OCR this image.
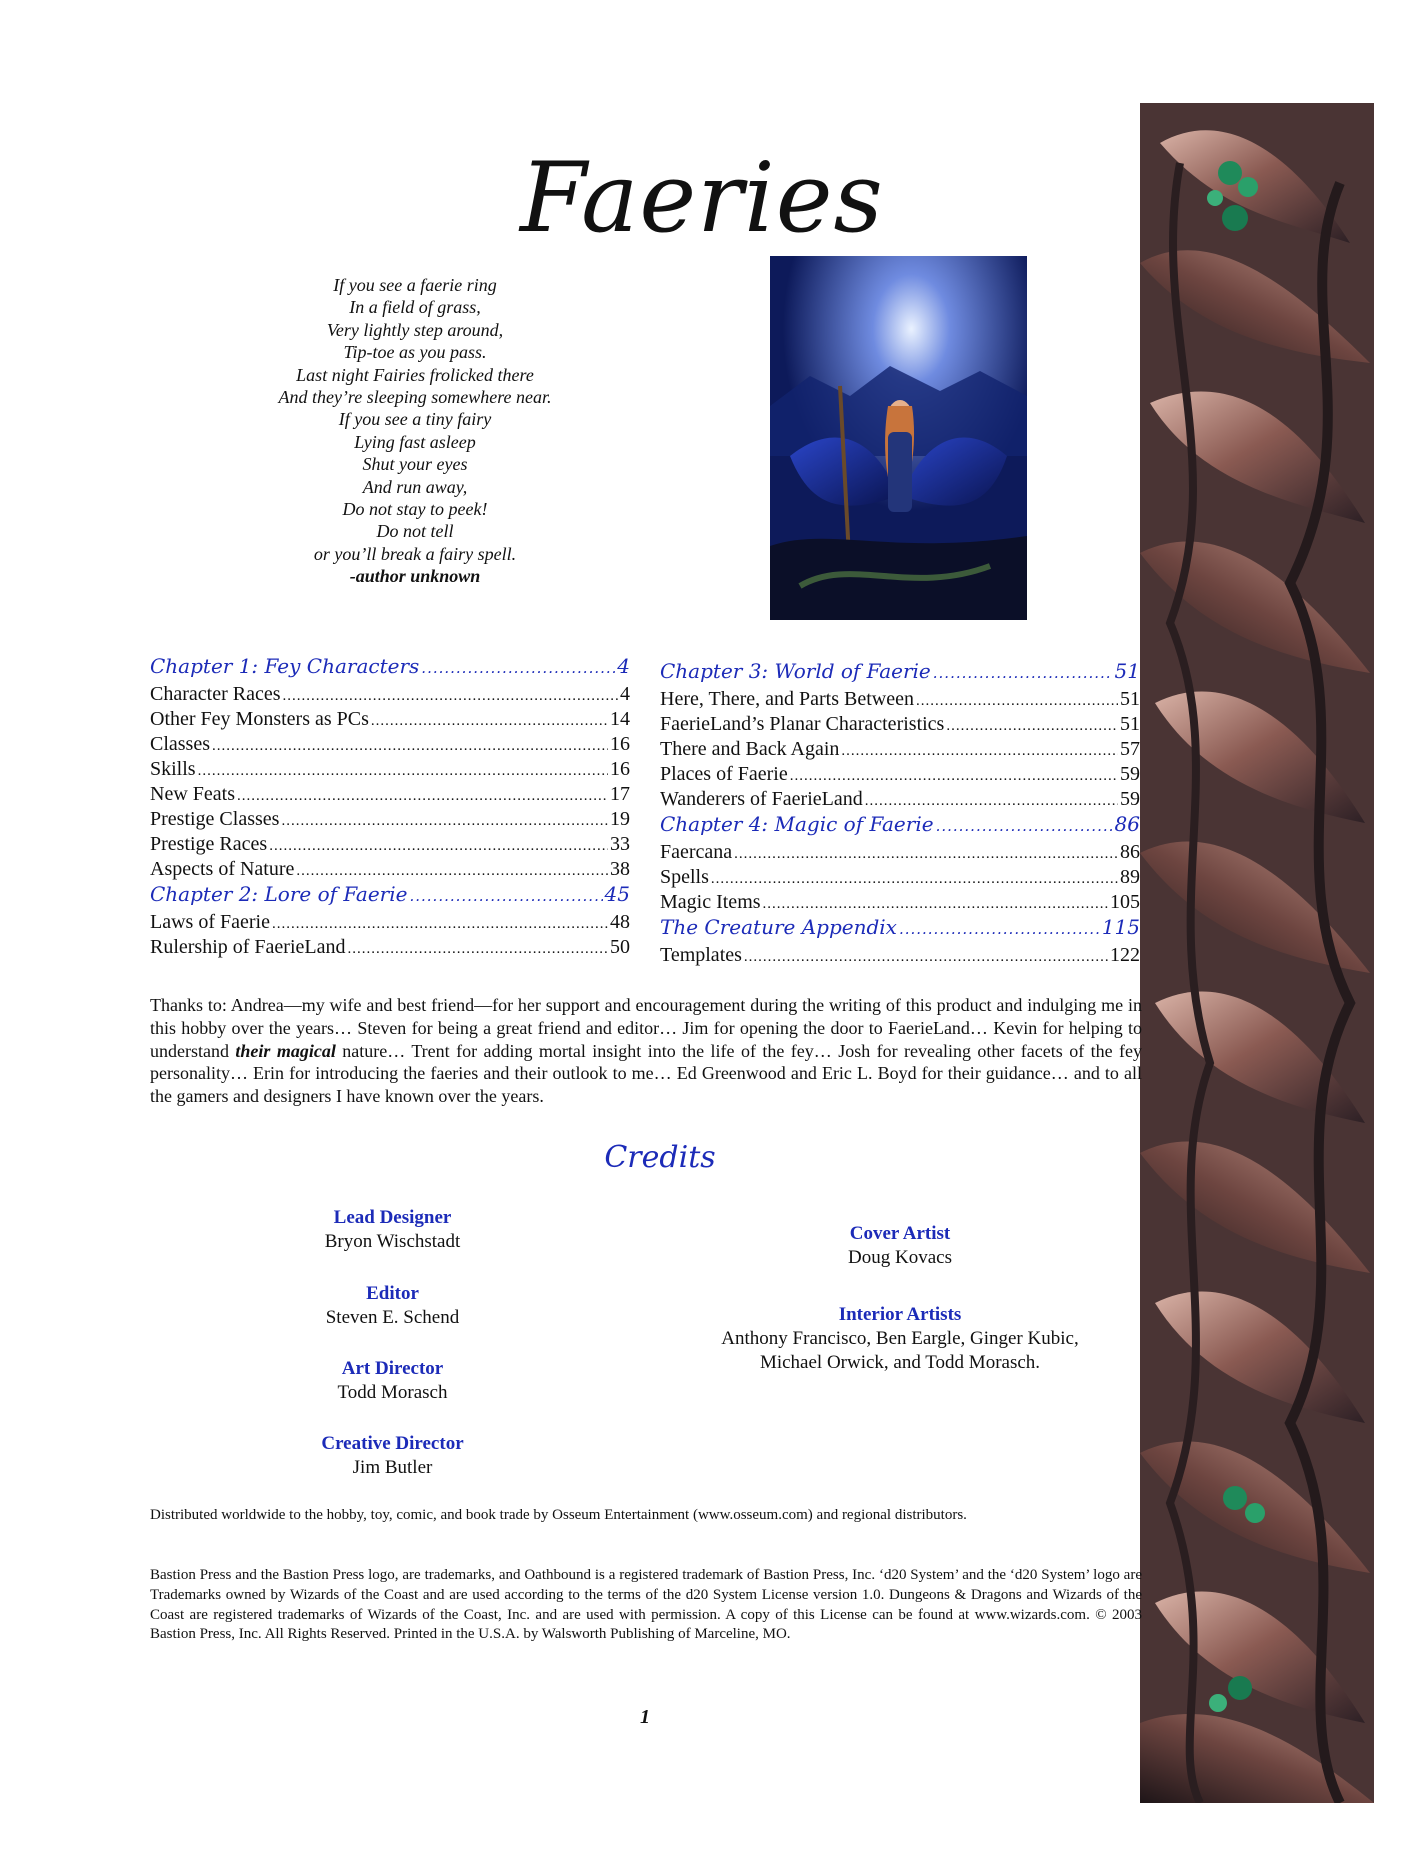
Faeries
If you see a faerie ring
In a field of grass,
Very lightly step around,
Tip-toe as you pass.
Last night Fairies frolicked there
And they’re sleeping somewhere near.
If you see a tiny fairy
Lying fast asleep
Shut your eyes
And run away,
Do not stay to peek!
Do not tell
or you’ll break a fairy spell.
-author unknown
Chapter 1: Fey Characters .....	4
Character Races .....	4
Other Fey Monsters as PCs .....	14
Classes .....	16
Skills .....	16
New Feats .....	17
Prestige Classes .....	19
Prestige Races .....	33
Aspects of Nature .....	38
Chapter 2: Lore of Faerie .....	45
Laws of Faerie .....	48
Rulership of FaerieLand .....	50
Chapter 3: World of Faerie .....	51
Here, There, and Parts Between .....	51
FaerieLand’s Planar Characteristics .....	51
There and Back Again .....	57
Places of Faerie .....	59
Wanderers of FaerieLand .....	59
Chapter 4: Magic of Faerie .....	86
Faercana .....	86
Spells .....	89
Magic Items .....	105
The Creature Appendix .....	115
Templates .....	122
Thanks to: Andrea—my wife and best friend—for her support and encouragement during the writing of this product and indulging me in this hobby over the years… Steven for being a great friend and editor… Jim for opening the door to FaerieLand… Kevin for helping to understand their magical nature… Trent for adding mortal insight into the life of the fey… Josh for revealing other facets of the fey personality… Erin for introducing the faeries and their outlook to me… Ed Greenwood and Eric L. Boyd for their guidance… and to all the gamers and designers I have known over the years.
Credits
Lead Designer
Bryon Wischstadt
Editor
Steven E. Schend
Art Director
Todd Morasch
Creative Director
Jim Butler
Cover Artist
Doug Kovacs
Interior Artists
Anthony Francisco, Ben Eargle, Ginger Kubic,
Michael Orwick, and Todd Morasch.
Distributed worldwide to the hobby, toy, comic, and book trade by Osseum Entertainment (www.osseum.com) and regional distributors.
Bastion Press and the Bastion Press logo, are trademarks, and Oathbound is a registered trademark of Bastion Press, Inc. ‘d20 System’ and the ‘d20 System’ logo are Trademarks owned by Wizards of the Coast and are used according to the terms of the d20 System License version 1.0. Dungeons & Dragons and Wizards of the Coast are registered trademarks of Wizards of the Coast, Inc. and are used with permission. A copy of this License can be found at www.wizards.com. © 2003 Bastion Press, Inc. All Rights Reserved. Printed in the U.S.A. by Walsworth Publishing of Marceline, MO.
1
